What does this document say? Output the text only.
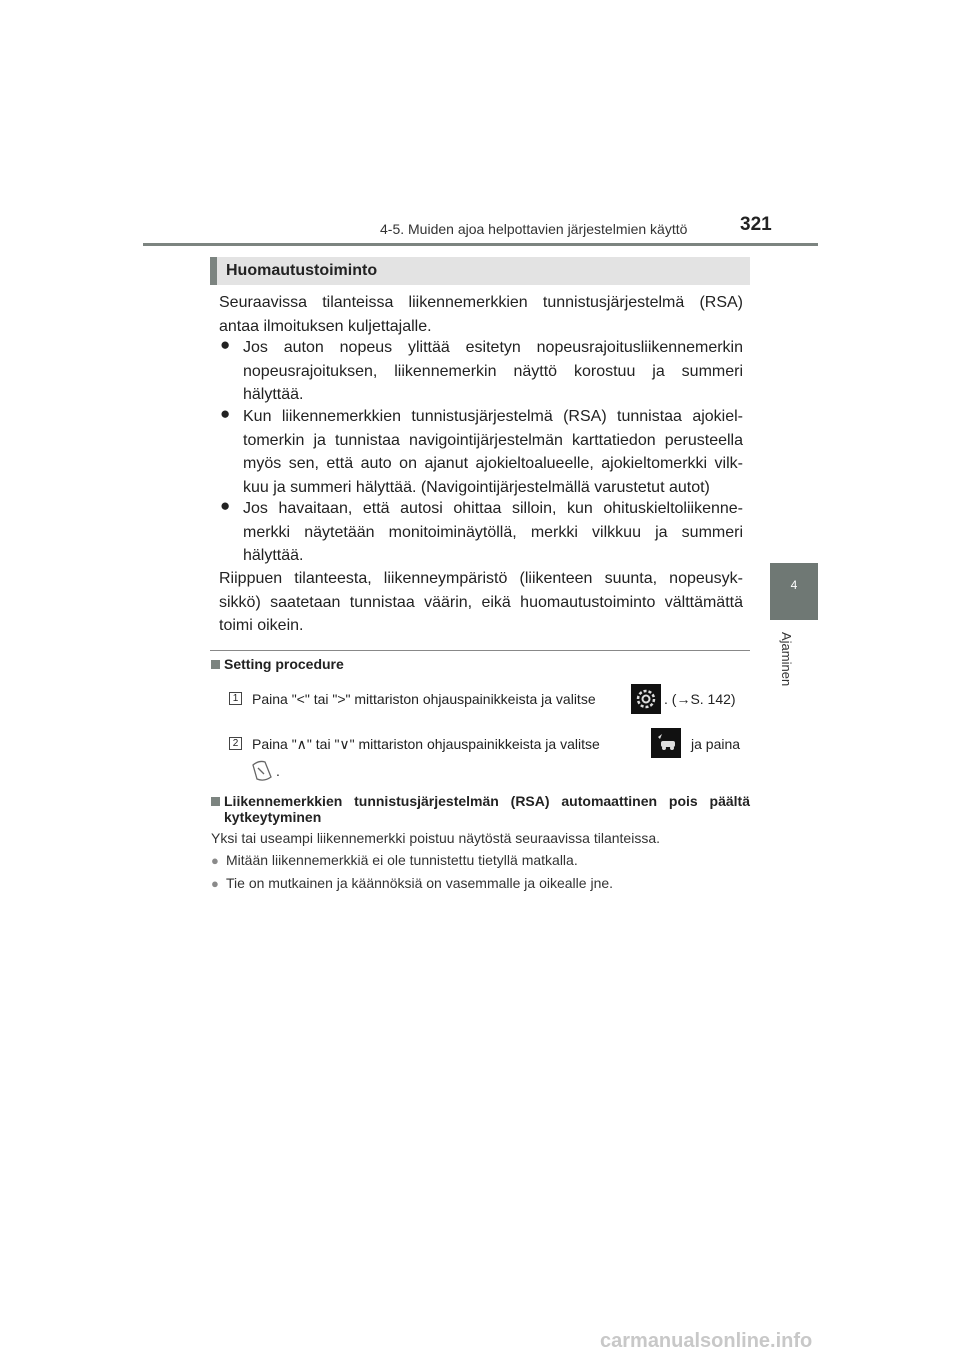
4-5. Muiden ajoa helpottavien järjestelmien käyttö	321
4
Ajaminen
Huomautustoiminto
Seuraavissa tilanteissa liikennemerkkien tunnistusjärjestelmä (RSA) antaa ilmoituksen kuljettajalle.
● Jos auton nopeus ylittää esitetyn nopeusrajoitusliikennemerkin nopeusrajoituksen, liikennemerkin näyttö korostuu ja summeri hälyttää.
● Kun liikennemerkkien tunnistusjärjestelmä (RSA) tunnistaa ajokiel-tomerkin ja tunnistaa navigointijärjestelmän karttatiedon perusteella myös sen, että auto on ajanut ajokieltoalueelle, ajokieltomerkki vilk-kuu ja summeri hälyttää. (Navigointijärjestelmällä varustetut autot)
● Jos havaitaan, että autosi ohittaa silloin, kun ohituskieltoliikenne-merkki näytetään monitoiminäytöllä, merkki vilkkuu ja summeri hälyttää.
Riippuen tilanteesta, liikenneympäristö (liikenteen suunta, nopeusyk-sikkö) saatetaan tunnistaa väärin, eikä huomautustoiminto välttämättä toimi oikein.
Setting procedure
1 Paina "<" tai ">" mittariston ohjauspainikkeista ja valitse	. (→S. 142)
2 Paina "∧" tai "∨" mittariston ohjauspainikkeista ja valitse	ja paina
.
Liikennemerkkien tunnistusjärjestelmän (RSA) automaattinen pois päältä kytkeytyminen
Yksi tai useampi liikennemerkki poistuu näytöstä seuraavissa tilanteissa.
● Mitään liikennemerkkiä ei ole tunnistettu tietyllä matkalla.
● Tie on mutkainen ja käännöksiä on vasemmalle ja oikealle jne.
carmanualsonline.info
